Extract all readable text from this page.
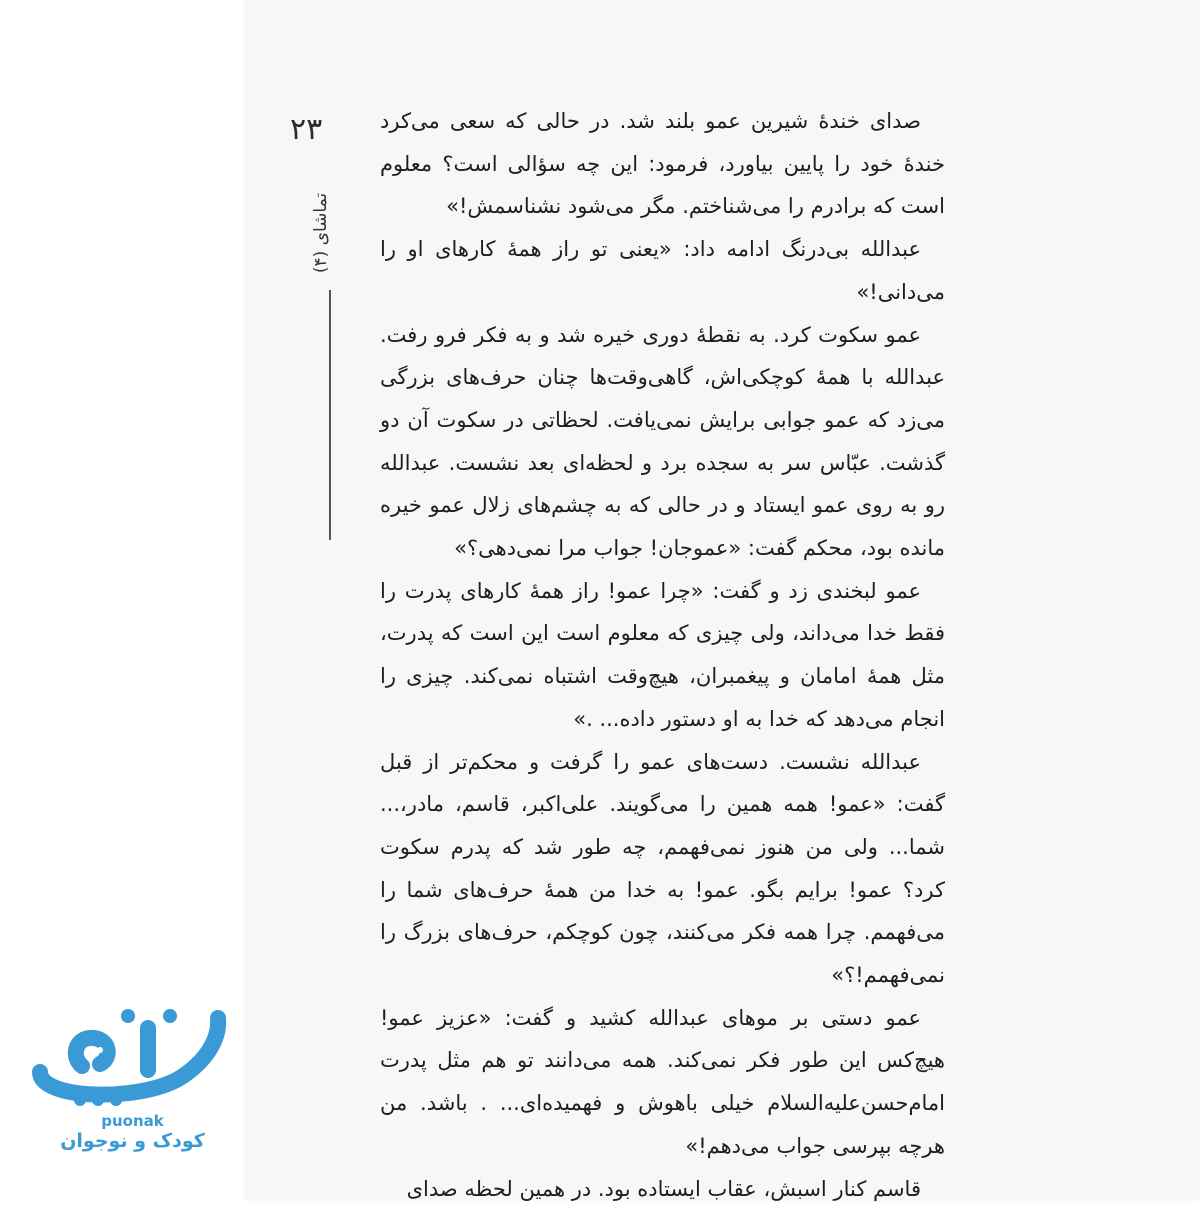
۲۳
تماشای (۴)

صدای خندهٔ شیرین عمو بلند شد. در حالی که سعی می‌کرد خندهٔ خود را پایین بیاورد، فرمود: این چه سؤالی است؟ معلوم است که برادرم را می‌شناختم. مگر می‌شود نشناسمش!»

عبدالله بی‌درنگ ادامه داد: «یعنی تو راز همهٔ کارهای او را می‌دانی!»

عمو سکوت کرد. به نقطهٔ دوری خیره شد و به فکر فرو رفت. عبدالله با همهٔ کوچکی‌اش، گاهی‌وقت‌ها چنان حرف‌های بزرگی می‌زد که عمو جوابی برایش نمی‌یافت. لحظاتی در سکوت آن دو گذشت. عبّاس سر به سجده برد و لحظه‌ای بعد نشست. عبدالله رو به روی عمو ایستاد و در حالی که به چشم‌های زلال عمو خیره مانده بود، محکم گفت: «عموجان! جواب مرا نمی‌دهی؟»

عمو لبخندی زد و گفت: «چرا عمو! راز همهٔ کارهای پدرت را فقط خدا می‌داند، ولی چیزی که معلوم است این است که پدرت، مثل همهٔ امامان و پیغمبران، هیچ‌وقت اشتباه نمی‌کند. چیزی را انجام می‌دهد که خدا به او دستور داده... .»

عبدالله نشست. دست‌های عمو را گرفت و محکم‌تر از قبل گفت: «عمو! همه همین را می‌گویند. علی‌اکبر، قاسم، مادر،... شما... ولی من هنوز نمی‌فهمم، چه طور شد که پدرم سکوت کرد؟ عمو! برایم بگو. عمو! به خدا من همهٔ حرف‌های شما را می‌فهمم. چرا همه فکر می‌کنند، چون کوچکم، حرف‌های بزرگ را نمی‌فهمم!؟»

عمو دستی بر موهای عبدالله کشید و گفت: «عزیز عمو! هیچ‌کس این طور فکر نمی‌کند. همه می‌دانند تو هم مثل پدرت امام‌حسن‌علیه‌السلام خیلی باهوش و فهمیده‌ای... . باشد. من هرچه بپرسی جواب می‌دهم!»

قاسم کنار اسبش، عقاب ایستاده بود. در همین لحظه صدای

puonak
کودک و نوجوان
